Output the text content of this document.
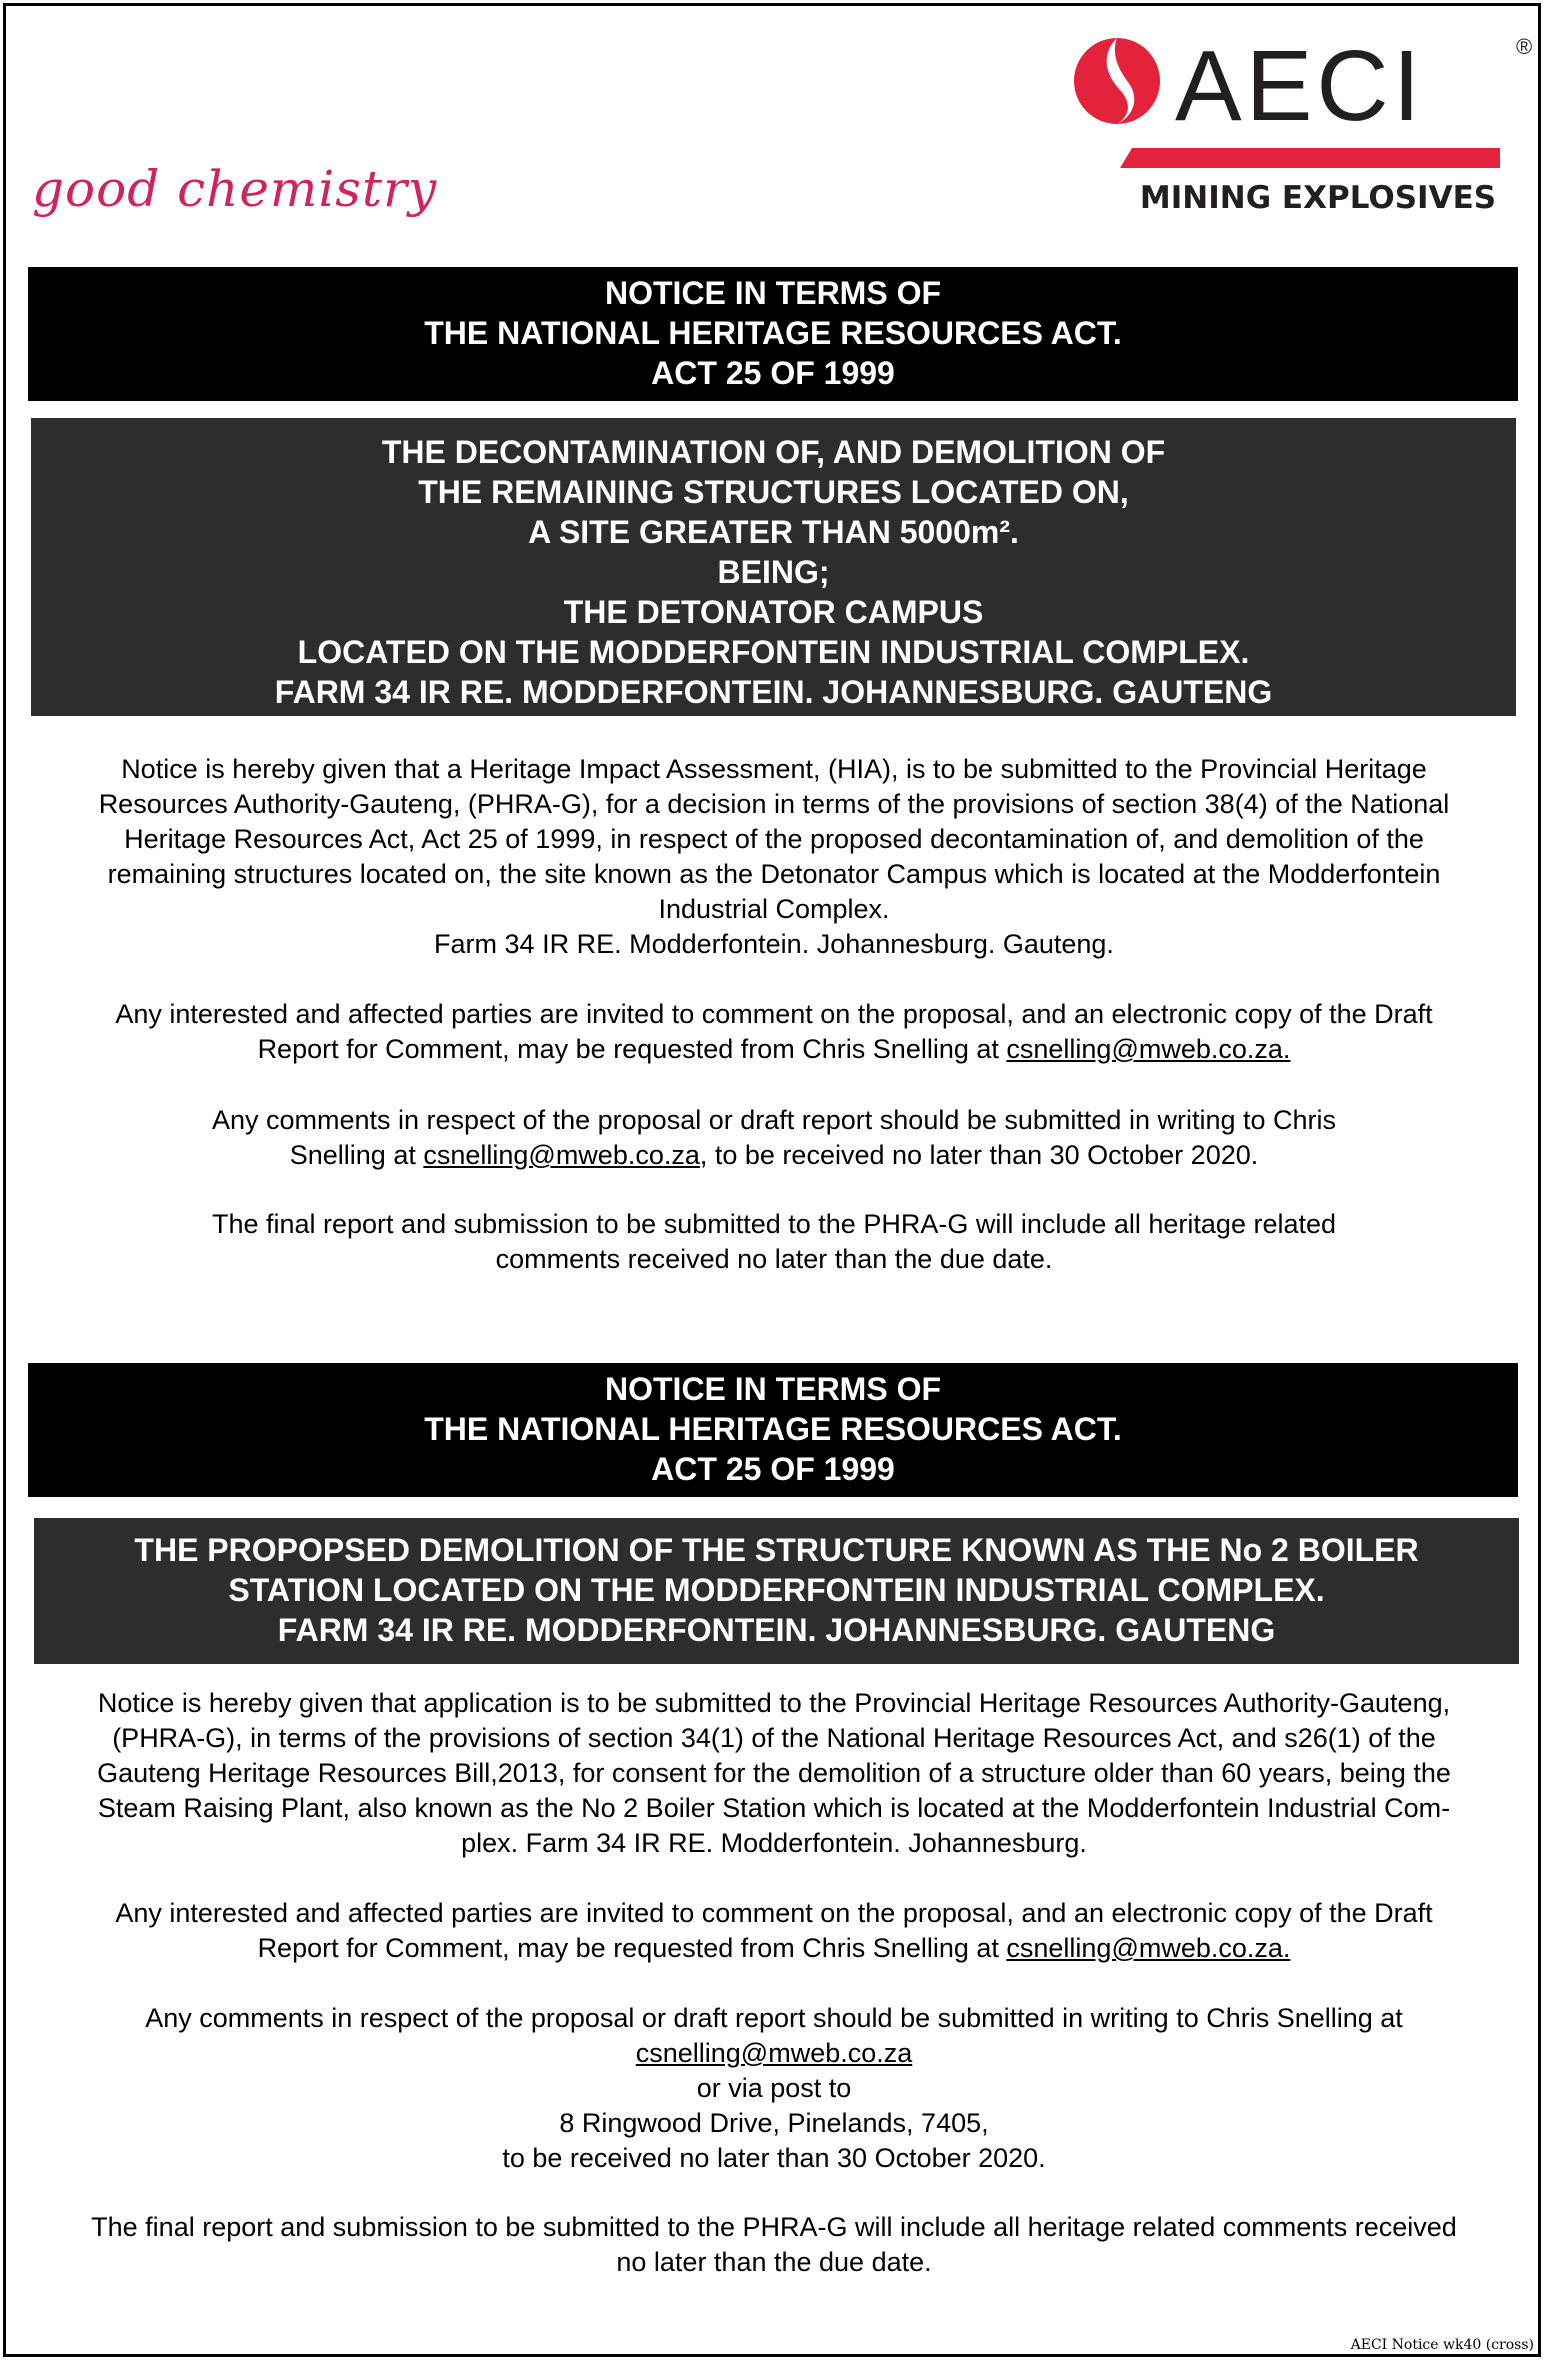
good chemistry
AECI	®
MINING EXPLOSIVES
NOTICE IN TERMS OF
THE NATIONAL HERITAGE RESOURCES ACT.
ACT 25 OF 1999
THE DECONTAMINATION OF, AND DEMOLITION OF
THE REMAINING STRUCTURES LOCATED ON,
A SITE GREATER THAN 5000m².
BEING;
THE DETONATOR CAMPUS
LOCATED ON THE MODDERFONTEIN INDUSTRIAL COMPLEX.
FARM 34 IR RE. MODDERFONTEIN. JOHANNESBURG. GAUTENG

Notice is hereby given that a Heritage Impact Assessment, (HIA), is to be submitted to the Provincial Heritage

Resources Authority-Gauteng, (PHRA-G), for a decision in terms of the provisions of section 38(4) of the National

Heritage Resources Act, Act 25 of 1999, in respect of the proposed decontamination of, and demolition of the

remaining structures located on, the site known as the Detonator Campus which is located at the Modderfontein

Industrial Complex.

Farm 34 IR RE. Modderfontein. Johannesburg. Gauteng.

Any interested and affected parties are invited to comment on the proposal, and an electronic copy of the Draft

Report for Comment, may be requested from Chris Snelling at csnelling@mweb.co.za.

Any comments in respect of the proposal or draft report should be submitted in writing to Chris

Snelling at csnelling@mweb.co.za, to be received no later than 30 October 2020.

The final report and submission to be submitted to the PHRA-G will include all heritage related

comments received no later than the due date.

NOTICE IN TERMS OF
THE NATIONAL HERITAGE RESOURCES ACT.
ACT 25 OF 1999
THE PROPOPSED DEMOLITION OF THE STRUCTURE KNOWN AS THE No 2 BOILER
STATION LOCATED ON THE MODDERFONTEIN INDUSTRIAL COMPLEX.
FARM 34 IR RE. MODDERFONTEIN. JOHANNESBURG. GAUTENG

Notice is hereby given that application is to be submitted to the Provincial Heritage Resources Authority-Gauteng,

(PHRA-G), in terms of the provisions of section 34(1) of the National Heritage Resources Act, and s26(1) of the

Gauteng Heritage Resources Bill,2013, for consent for the demolition of a structure older than 60 years, being the

Steam Raising Plant, also known as the No 2 Boiler Station which is located at the Modderfontein Industrial Com-

plex. Farm 34 IR RE. Modderfontein. Johannesburg.

Any interested and affected parties are invited to comment on the proposal, and an electronic copy of the Draft

Report for Comment, may be requested from Chris Snelling at csnelling@mweb.co.za.

Any comments in respect of the proposal or draft report should be submitted in writing to Chris Snelling at

csnelling@mweb.co.za

or via post to

8 Ringwood Drive, Pinelands, 7405,

to be received no later than 30 October 2020.

The final report and submission to be submitted to the PHRA-G will include all heritage related comments received

no later than the due date.

AECI Notice wk40 (cross)
